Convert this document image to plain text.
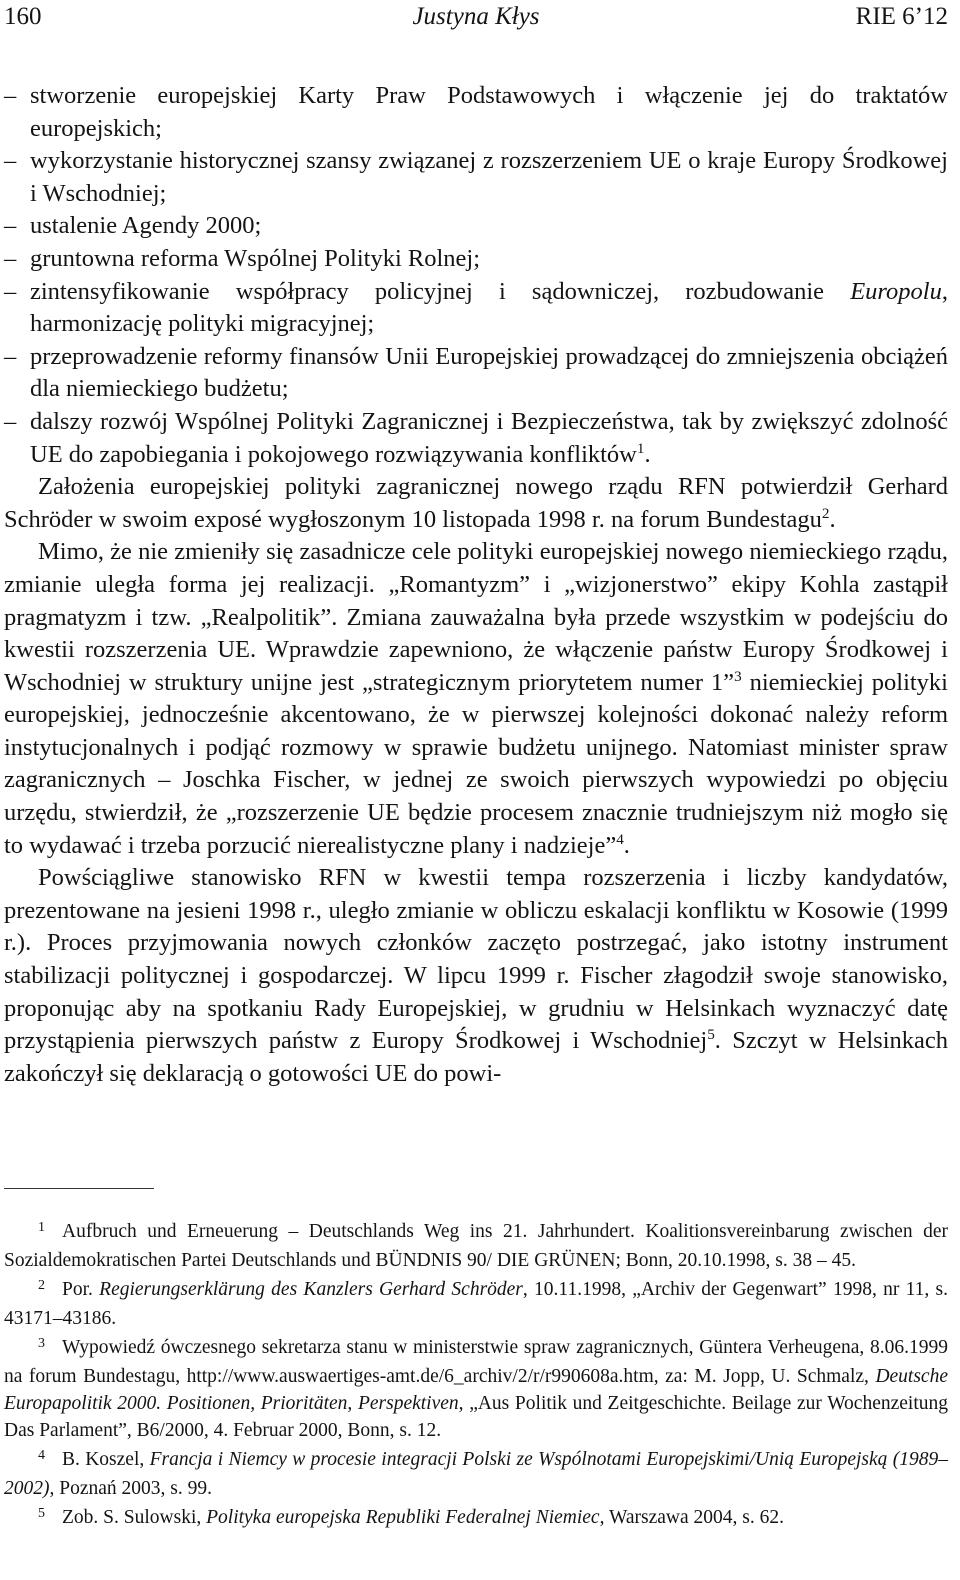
160	Justyna Kłys	RIE 6’12
– stworzenie europejskiej Karty Praw Podstawowych i włączenie jej do traktatów europejskich;
– wykorzystanie historycznej szansy związanej z rozszerzeniem UE o kraje Europy Środkowej i Wschodniej;
– ustalenie Agendy 2000;
– gruntowna reforma Wspólnej Polityki Rolnej;
– zintensyfikowanie współpracy policyjnej i sądowniczej, rozbudowanie Europolu, harmonizację polityki migracyjnej;
– przeprowadzenie reformy finansów Unii Europejskiej prowadzącej do zmniejszenia obciążeń dla niemieckiego budżetu;
– dalszy rozwój Wspólnej Polityki Zagranicznej i Bezpieczeństwa, tak by zwiększyć zdolność UE do zapobiegania i pokojowego rozwiązywania konfliktów$^1$.

Założenia europejskiej polityki zagranicznej nowego rządu RFN potwierdził Gerhard Schröder w swoim exposé wygłoszonym 10 listopada 1998 r. na forum Bundestagu$^2$.

Mimo, że nie zmieniły się zasadnicze cele polityki europejskiej nowego niemieckiego rządu, zmianie uległa forma jej realizacji. „Romantyzm” i „wizjonerstwo” ekipy Kohla zastąpił pragmatyzm i tzw. „Realpolitik”. Zmiana zauważalna była przede wszystkim w podejściu do kwestii rozszerzenia UE. Wprawdzie zapewniono, że włączenie państw Europy Środkowej i Wschodniej w struktury unijne jest „strategicznym priorytetem numer 1”$^3$ niemieckiej polityki europejskiej, jednocześnie akcentowano, że w pierwszej kolejności dokonać należy reform instytucjonalnych i podjąć rozmowy w sprawie budżetu unijnego. Natomiast minister spraw zagranicznych – Joschka Fischer, w jednej ze swoich pierwszych wypowiedzi po objęciu urzędu, stwierdził, że „rozszerzenie UE będzie procesem znacznie trudniejszym niż mogło się to wydawać i trzeba porzucić nierealistyczne plany i nadzieje”$^4$.

Powściągliwe stanowisko RFN w kwestii tempa rozszerzenia i liczby kandydatów, prezentowane na jesieni 1998 r., uległo zmianie w obliczu eskalacji konfliktu w Kosowie (1999 r.). Proces przyjmowania nowych członków zaczęto postrzegać, jako istotny instrument stabilizacji politycznej i gospodarczej. W lipcu 1999 r. Fischer złagodził swoje stanowisko, proponując aby na spotkaniu Rady Europejskiej, w grudniu w Helsinkach wyznaczyć datę przystąpienia pierwszych państw z Europy Środkowej i Wschodniej$^5$. Szczyt w Helsinkach zakończył się deklaracją o gotowości UE do powi-

1 Aufbruch und Erneuerung – Deutschlands Weg ins 21. Jahrhundert. Koalitionsvereinbarung zwischen der Sozialdemokratischen Partei Deutschlands und BÜNDNIS 90/ DIE GRÜNEN; Bonn, 20.10.1998, s. 38 – 45.

2 Por. Regierungserklärung des Kanzlers Gerhard Schröder, 10.11.1998, „Archiv der Gegenwart” 1998, nr 11, s. 43171–43186.

3 Wypowiedź ówczesnego sekretarza stanu w ministerstwie spraw zagranicznych, Güntera Verheugena, 8.06.1999 na forum Bundestagu, http://www.auswaertiges-amt.de/6_archiv/2/r/r990608a.htm, za: M. Jopp, U. Schmalz, Deutsche Europapolitik 2000. Positionen, Prioritäten, Perspektiven, „Aus Politik und Zeitgeschichte. Beilage zur Wochenzeitung Das Parlament”, B6/2000, 4. Februar 2000, Bonn, s. 12.

4 B. Koszel, Francja i Niemcy w procesie integracji Polski ze Wspólnotami Europejskimi/Unią Europejską (1989–2002), Poznań 2003, s. 99.

5 Zob. S. Sulowski, Polityka europejska Republiki Federalnej Niemiec, Warszawa 2004, s. 62.
